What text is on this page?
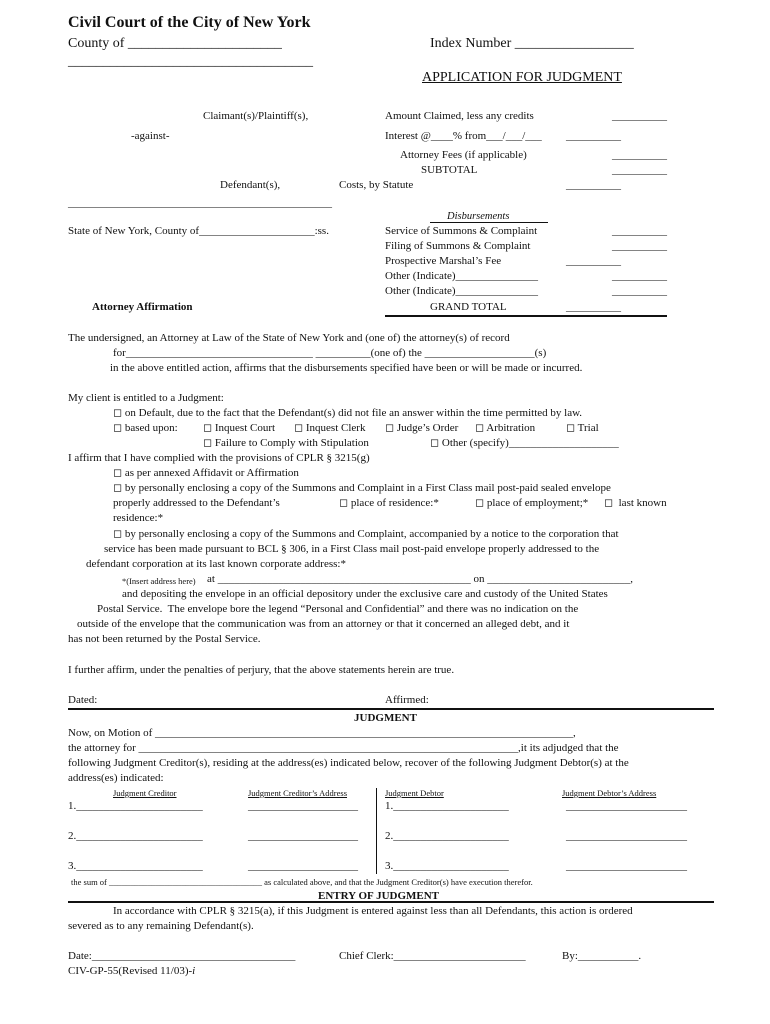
Civil Court of the City of New York
County of ______________________	Index Number _________________
___________________________________
APPLICATION FOR JUDGMENT
Claimant(s)/Plaintiff(s),
-against-
Defendant(s),
________________________________________________
State of New York, County of_____________________:ss.
Attorney Affirmation
Amount Claimed, less any credits	__________
Interest @____% from___/___/___ __________
Attorney Fees (if applicable)	__________
SUBTOTAL	__________
Costs, by Statute	__________
Disbursements
Service of Summons & Complaint	__________
Filing of Summons & Complaint	__________
Prospective Marshal’s Fee	__________
Other (Indicate)_______________	__________
Other (Indicate)_______________	__________
GRAND TOTAL	__________
The undersigned, an Attorney at Law of the State of New York and (one of) the attorney(s) of record
for__________________________________ __________(one of) the ____________________(s)
in the above entitled action, affirms that the disbursements specified have been or will be made or incurred.
My client is entitled to a Judgment:
◻ on Default, due to the fact that the Defendant(s) did not file an answer within the time permitted by law.
◻ based upon: ◻ Inquest Court ◻ Inquest Clerk ◻ Judge’s Order ◻ Arbitration	◻ Trial
◻ Failure to Comply with Stipulation	◻ Other (specify)____________________
I affirm that I have complied with the provisions of CPLR § 3215(g)
◻ as per annexed Affidavit or Affirmation
◻ by personally enclosing a copy of the Summons and Complaint in a First Class mail post-paid sealed envelope
properly addressed to the Defendant’s	◻ place of residence:*	◻ place of employment;* ◻  last known
residence:*
◻ by personally enclosing a copy of the Summons and Complaint, accompanied by a notice to the corporation that
service has been made pursuant to BCL § 306, in a First Class mail post-paid envelope properly addressed to the
defendant corporation at its last known corporate address:*
*(Insert address here) at ______________________________________________ on __________________________,
and depositing the envelope in an official depository under the exclusive care and custody of the United States
Postal Service.  The envelope bore the legend “Personal and Confidential” and there was no indication on the
outside of the envelope that the communication was from an attorney or that it concerned an alleged debt, and it
has not been returned by the Postal Service.
I further affirm, under the penalties of perjury, that the above statements herein are true.
Dated:	Affirmed:
JUDGMENT
Now, on Motion of ____________________________________________________________________________,
the attorney for _____________________________________________________________________,it its adjudged that the
following Judgment Creditor(s), residing at the address(es) indicated below, recover of the following Judgment Debtor(s) at the
address(es) indicated:
Judgment Creditor	Judgment Creditor’s Address	Judgment Debtor	Judgment Debtor’s Address
1._______________________	____________________ 1._____________________	______________________
2._______________________	____________________ 2._____________________	______________________
3._______________________	____________________ 3._____________________	______________________
the sum of ____________________________________ as calculated above, and that the Judgment Creditor(s) have execution therefor.
ENTRY OF JUDGMENT
In accordance with CPLR § 3215(a), if this Judgment is entered against less than all Defendants, this action is ordered
severed as to any remaining Defendant(s).
Date:_____________________________________	Chief Clerk:________________________	By:___________.
CIV-GP-55(Revised 11/03)-i
